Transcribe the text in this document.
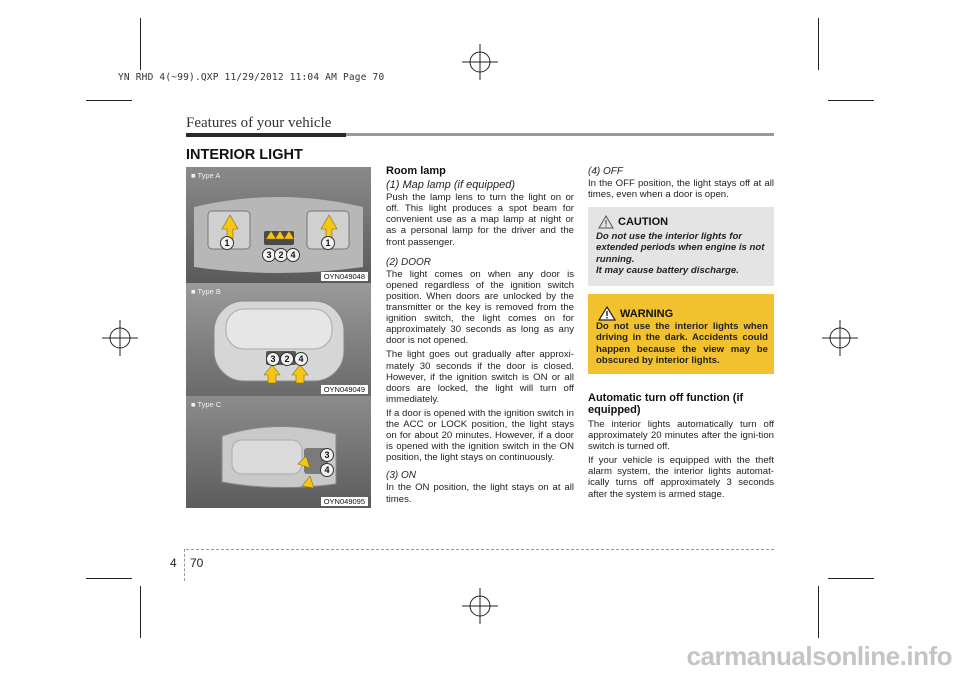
YN RHD 4(~99).QXP 11/29/2012 11:04 AM Page 70
Features of your vehicle
INTERIOR LIGHT
■ Type A
1	1
3 2 4
OYN049048
■ Type B
3 2 4
OYN049049
■ Type C
3
4
OYN049095
Room lamp
(1) Map lamp (if equipped)

Push the lamp lens to turn the light on or off. This light produces a spot beam for convenient use as a map lamp at night or as a personal lamp for the driver and the front passenger.

(2) DOOR

The light comes on when any door is opened regardless of the ignition switch position. When doors are unlocked by the transmitter or the key is removed from the ignition switch, the light comes on for approximately 30 seconds as long as any door is not opened.

The light goes out gradually after approxi-mately 30 seconds if the door is closed. However, if the ignition switch is ON or all doors are locked, the light will turn off immediately.

If a door is opened with the ignition switch in the ACC or LOCK position, the light stays on for about 20 minutes. However, if a door is opened with the ignition switch in the ON position, the light stays on continuously.

(3) ON

In the ON position, the light stays on at all times.

(4) OFF

In the OFF position, the light stays off at all times, even when a door is open.

CAUTION
Do not use the interior lights for extended periods when engine is not running.
It may cause battery discharge.
WARNING
Do not use the interior lights when driving in the dark. Accidents could happen because the view may be obscured by interior lights.
Automatic turn off function (if equipped)

The interior lights automatically turn off approximately 20 minutes after the igni-tion switch is turned off.

If your vehicle is equipped with the theft alarm system, the interior lights automat-ically turns off approximately 3 seconds after the system is armed stage.

4 70
carmanualsonline.info
